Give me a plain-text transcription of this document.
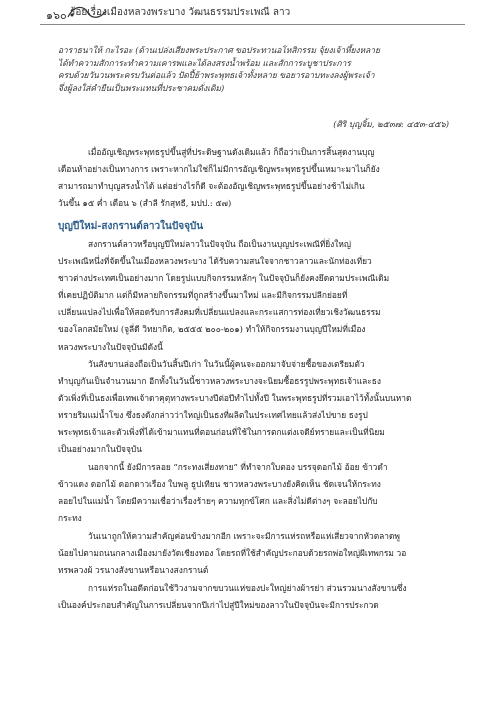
๑๖๐ ร้อยเรื่องเมืองหลวงพระบาง วัฒนธรรมประเพณี ลาว
อาราธนาให้ กะไรอะ (ด้านเปล่งเสียงพระประกาศ ขอประทานอโหสิกรรม จุ้ยงเจ้าหึ้ยงหลาย
ได้ทำความสักการะทำความเคารพและได้ลงสรงน้ำพร้อม และสักการะบูชาประการ
ครบด้วยวันวนพระครบวันต่อแล้ว ปัดปี้ย้าพระพุทธเจ้าทั้งหลาย ขอยารอาบทะงลงผู้พระเจ้า
จึ่งผู้ลงใส่คำยืนเป็นพระแทนที่ประชาคมดั่งเดิม)
(ศิริ บุญจิ้ม, ๒๕๓๗: ๔๕๓-๔๕๖)
เมื่ออัญเชิญพระพุทธรูปขึ้นสู่ที่ประดิษฐานดังเดิมแล้ว ก็ถือว่าเป็นการสิ้นสุดงานบุญ
เดือนห้าอย่างเป็นทางการ เพราะหากไม่ใช่ก็ไม่มีการอัญเชิญพระพุทธรูปขึ้นเหมาะมาไนก็ยัง
สามารถมาทำบุญสรงน้ำได้ แต่อย่างไรก็ดี จะต้องอัญเชิญพระพุทธรูปขึ้นอย่างช้าไม่เกิน
วันขึ้น ๑๕ ค่ำ เดือน ๖ (สำลี รักสุทธี, มปป.: ๕๗)
บุญปีใหม่-สงกรานต์ลาวในปัจจุบัน
สงกรานต์ลาวหรือบุญปีใหม่ลาวในปัจจุบัน ถือเป็นงานบุญประเพณีที่ยิ่งใหญ่
ประเพณีหนึ่งที่จัดขึ้นในเมืองหลวงพระบาง ได้รับความสนใจจากชาวลาวและนักท่องเที่ยว
ชาวต่างประเทศเป็นอย่างมาก โดยรูปแบบกิจกรรมหลักๆ ในปัจจุบันก็ยังคงยึดตามประเพณีเดิม
ที่เคยปฏิบัติมาก แต่ก็มีหลายกิจกรรมที่ถูกสร้างขึ้นมาใหม่ และมีกิจกรรมปลีกย่อยที่
เปลี่ยนแปลงไปเพื่อให้สอดรับการสังคมที่เปลี่ยนแปลงและกระแสการท่องเที่ยวเชิงวัฒนธรรม
ของโลกสมัยใหม่ (จูลี่ดี วิทยากิต, ๒๕๕๕ ๒๐๐-๒๐๑) ทำให้กิจกรรมงานบุญปีใหม่ที่เมือง
หลวงพระบางในปัจจุบันมีดังนี้
วันสังขานล่องถือเป็นวันสิ้นปีเก่า ในวันนี้ผู้คนจะออกมาจับจ่ายซื้อของเตรียมตัว
ทำบุญกันเป็นจำนวนมาก อีกทั้งในวันนี้ชาวหลวงพระบางจะนิยมซื้อธรรูปพระพุทธเจ้าและธง
ตัวเพิ่งที่เป็นธงเพื่อเทพเจ้าดาคุตุทางพระบางปีต่อปีทำไปทั้งปี ในพระพุทธรูปที่รวมเอาไว้ทั้งนั้นบนหาด
ทรายริมแม่น้ำโขง ซึ่งธงดังกล่าวว่าใหญ่เป็นธงที่ผลิตในประเทศไทยแล้วส่งไปขาย ธงรูป
พระพุทธเจ้าและตัวเพิ่งที่ได้เข้ามาแทนที่ตอนก่อนที่ใช้ในการตกแต่งเจดีย์ทรายและเป็นที่นิยม
เป็นอย่างมากในปัจจุบัน
นอกจากนี้ ยังมีการลอย “กระทงเสี่ยงทาย” ที่ทำจากใบตอง บรรจุดอกไม้ อ้อย ข้าวดำ
ข้าวแดง ดอกไม้ ดอกดาวเรือง ใบพลู ธูปเทียน ชาวหลวงพระบางยังคิดเห็น ชัดเจนให้กระทง
ลอยไปในแม่น้ำ โดยมีความเชื่อว่าเรื่องร้ายๆ ความทุกข์โศก และสิ่งไม่ดีต่างๆ จะลอยไปกับ
กระทง
วันเนาถูกให้ความสำคัญค่อนข้างมากอีก เพราะจะมีการแห่รถหรือแห่เสี่ยวจากหัวตลาดพู
น้อยไปตามถนนกลางเมืองมายังวัดเชียงทอง โดยรถที่ใช้สำคัญประกอบด้วยรถพ่อใหญ่ผีเทพกรม วอ
ทรพลวงผ้ วรนางสังขานหรือนางสงกรานต์
การแห่รถในอดีตก่อนใช้วิวงามจากขบวนเเห่ของปะใหญ่ย่างผ้ารย่า ส่วนรวมนางสังขานซึ่ง
เป็นองค์ประกอบสำคัญในการเปลี่ยนจากปีเก่าไปสู่ปีใหม่ของลาวในปัจจุบันจะมีการประกวด
